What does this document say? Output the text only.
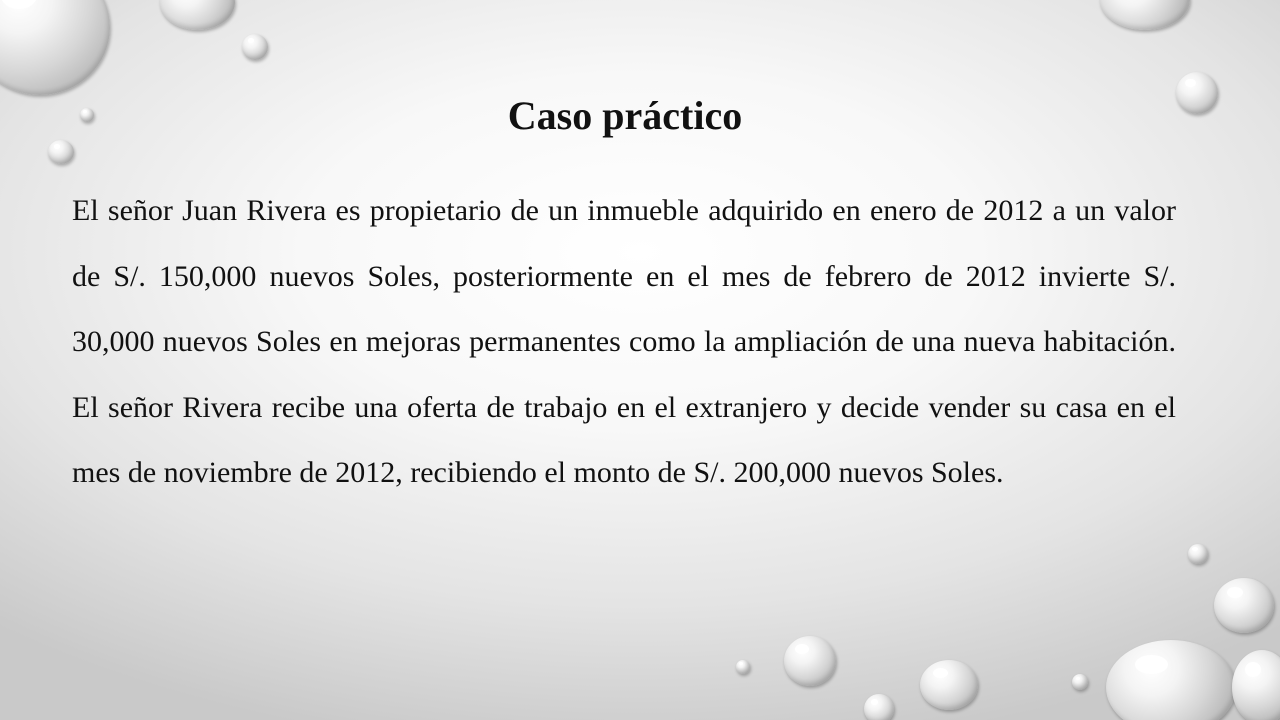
Caso práctico

El señor Juan Rivera es propietario de un inmueble adquirido en enero de 2012 a un valor de S/. 150,000 nuevos Soles, posteriormente en el mes de febrero de 2012 invierte S/. 30,000 nuevos Soles en mejoras permanentes como la ampliación de una nueva habitación. El señor Rivera recibe una oferta de trabajo en el extranjero y decide vender su casa en el mes de noviembre de 2012, recibiendo el monto de S/. 200,000 nuevos Soles.
